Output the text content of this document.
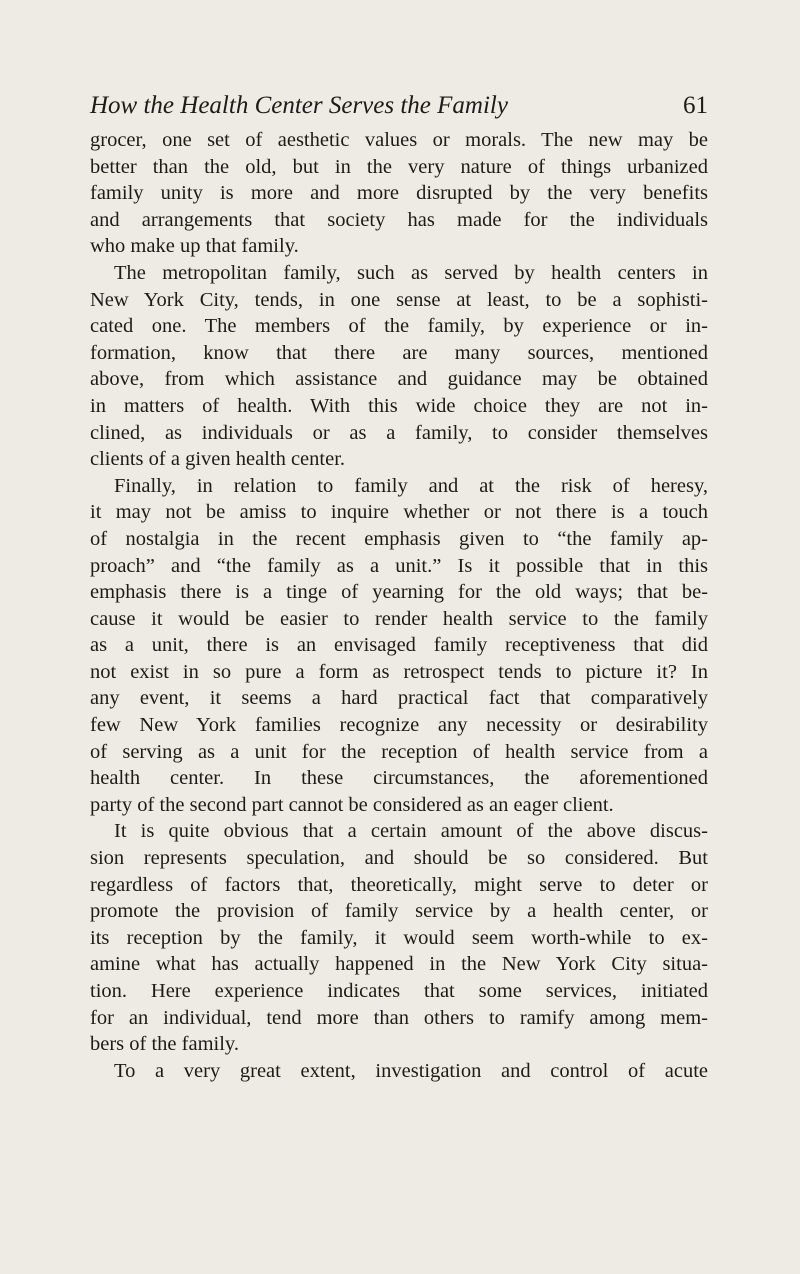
How the Health Center Serves the Family	61
grocer, one set of aesthetic values or morals. The new may be
better than the old, but in the very nature of things urbanized
family unity is more and more disrupted by the very benefits
and arrangements that society has made for the individuals
who make up that family.
The metropolitan family, such as served by health centers in
New York City, tends, in one sense at least, to be a sophisti-
cated one. The members of the family, by experience or in-
formation, know that there are many sources, mentioned
above, from which assistance and guidance may be obtained
in matters of health. With this wide choice they are not in-
clined, as individuals or as a family, to consider themselves
clients of a given health center.
Finally, in relation to family and at the risk of heresy,
it may not be amiss to inquire whether or not there is a touch
of nostalgia in the recent emphasis given to “the family ap-
proach” and “the family as a unit.” Is it possible that in this
emphasis there is a tinge of yearning for the old ways; that be-
cause it would be easier to render health service to the family
as a unit, there is an envisaged family receptiveness that did
not exist in so pure a form as retrospect tends to picture it? In
any event, it seems a hard practical fact that comparatively
few New York families recognize any necessity or desirability
of serving as a unit for the reception of health service from a
health center. In these circumstances, the aforementioned
party of the second part cannot be considered as an eager client.
It is quite obvious that a certain amount of the above discus-
sion represents speculation, and should be so considered. But
regardless of factors that, theoretically, might serve to deter or
promote the provision of family service by a health center, or
its reception by the family, it would seem worth-while to ex-
amine what has actually happened in the New York City situa-
tion. Here experience indicates that some services, initiated
for an individual, tend more than others to ramify among mem-
bers of the family.
To a very great extent, investigation and control of acute
